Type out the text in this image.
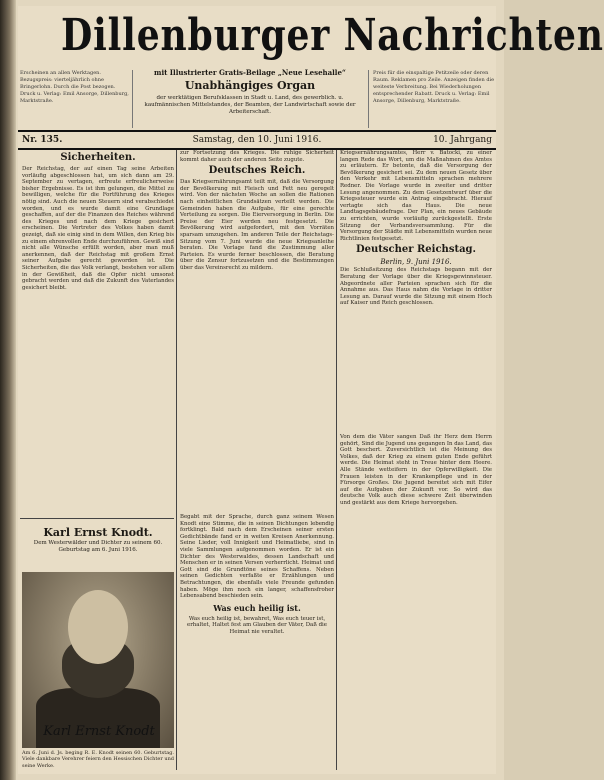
Dillenburger Nachrichten
Erscheinen an allen Werktagen. Bezugspreis: vierteljährlich ohne Bringerlohn. Durch die Post bezogen. Druck u. Verlag: Emil Ansorge, Dillenburg, Marktstraße.
mit Illustrierter Gratis-Beilage „Neue Lesehalle“
Unabhängiges Organ
der werktätigen Berufsklassen in Stadt u. Land, des gewerblich. u. kaufmännischen Mittelstandes, der Beamten, der Landwirtschaft sowie der Arbeiterschaft.
Preis für die einspaltige Petitzeile oder deren Raum. Reklamen pro Zeile. Anzeigen finden die weiteste Verbreitung. Bei Wiederholungen entsprechender Rabatt. Druck u. Verlag: Emil Ansorge, Dillenburg, Marktstraße.
Nr. 135.	Samstag, den 10. Juni 1916.	10. Jahrgang
Sicherheiten.
Der Reichstag, der auf einen Tag seine Arbeiten vorläufig abgeschlossen hat, um sich dann am 29. September zu vertagen, erfreute erfreulicherweise bisher Ergebnisse. Es ist ihm gelungen, die Mittel zu bewilligen, welche für die Fortführung des Krieges nötig sind. Auch die neuen Steuern sind verabschiedet worden, und es wurde damit eine Grundlage geschaffen, auf der die Finanzen des Reiches während des Krieges und nach dem Kriege gesichert erscheinen. Die Vertreter des Volkes haben damit gezeigt, daß sie einig sind in dem Willen, den Krieg bis zu einem ehrenvollen Ende durchzuführen. Gewiß sind nicht alle Wünsche erfüllt worden, aber man muß anerkennen, daß der Reichstag mit großem Ernst seiner Aufgabe gerecht geworden ist. Die Sicherheiten, die das Volk verlangt, bestehen vor allem in der Gewißheit, daß die Opfer nicht umsonst gebracht werden und daß die Zukunft des Vaterlandes gesichert bleibt.
zur Fortsetzung des Krieges. Die ruhige Sicherheit kommt daher auch der anderen Seite zugute.
Deutsches Reich.
Das Kriegsernährungsamt teilt mit, daß die Versorgung der Bevölkerung mit Fleisch und Fett neu geregelt wird. Von der nächsten Woche an sollen die Rationen nach einheitlichen Grundsätzen verteilt werden. Die Gemeinden haben die Aufgabe, für eine gerechte Verteilung zu sorgen. Die Eierversorgung in Berlin. Die Preise der Eier werden neu festgesetzt. Die Bevölkerung wird aufgefordert, mit den Vorräten sparsam umzugehen. Im anderen Teile der Reichstags-Sitzung vom 7. Juni wurde die neue Kriegsanleihe beraten. Die Vorlage fand die Zustimmung aller Parteien. Es wurde ferner beschlossen, die Beratung über die Zensur fortzusetzen und die Bestimmungen über das Vereinsrecht zu mildern.
Kriegsernährungsamtes, Herr v. Batocki, zu einer langen Rede das Wort, um die Maßnahmen des Amtes zu erläutern. Er betonte, daß die Versorgung der Bevölkerung gesichert sei. Zu dem neuen Gesetz über den Verkehr mit Lebensmitteln sprachen mehrere Redner. Die Vorlage wurde in zweiter und dritter Lesung angenommen. Zu dem Gesetzentwurf über die Kriegssteuer wurde ein Antrag eingebracht. Hierauf vertagte sich das Haus. Die neue Landtagsgebäudefrage. Der Plan, ein neues Gebäude zu errichten, wurde vorläufig zurückgestellt. Erste Sitzung der Verbandsversammlung. Für die Versorgung der Städte mit Lebensmitteln wurden neue Richtlinien festgesetzt.
Deutscher Reichstag.
Berlin, 9. Juni 1916.
Die Schlußsitzung des Reichstags begann mit der Beratung der Vorlage über die Kriegsgewinnsteuer. Abgeordnete aller Parteien sprachen sich für die Annahme aus. Das Haus nahm die Vorlage in dritter Lesung an. Darauf wurde die Sitzung mit einem Hoch auf Kaiser und Reich geschlossen.
Karl Ernst Knodt.
Dem Westerwälder und Dichter zu seinem 60. Geburtstag am 6. Juni 1916.
Karl Ernst Knodt
Am 6. Juni d. Js. beging R. E. Knodt seinen 60. Geburtstag. Viele dankbare Verehrer feiern den Hessischen Dichter und seine Werke.
Begabt mit der Sprache, durch ganz seinem Wesen Knodt eine Stimme, die in seinen Dichtungen lebendig fortklingt. Bald nach dem Erscheinen seiner ersten Gedichtbände fand er in weiten Kreisen Anerkennung. Seine Lieder, voll Innigkeit und Heimatliebe, sind in viele Sammlungen aufgenommen worden. Er ist ein Dichter des Westerwaldes, dessen Landschaft und Menschen er in seinen Versen verherrlicht. Heimat und Gott sind die Grundtöne seines Schaffens. Neben seinen Gedichten verfaßte er Erzählungen und Betrachtungen, die ebenfalls viele Freunde gefunden haben. Möge ihm noch ein langer, schaffensfroher Lebensabend beschieden sein.
Was euch heilig ist.
Was euch heilig ist, bewahret, Was euch teuer ist, erhaltet, Haltet fest am Glauben der Väter, Daß die Heimat nie veraltet.
Von dem die Väter sangen Daß ihr Herz dem Herrn gehört, Sind die Jugend uns gegangen In das Land, das Gott beschert. Zuversichtlich ist die Meinung des Volkes, daß der Krieg zu einem guten Ende geführt werde. Die Heimat steht in Treue hinter dem Heere. Alle Stände wetteifern in der Opferwilligkeit. Die Frauen leisten in der Krankenpflege und in der Fürsorge Großes. Die Jugend bereitet sich mit Eifer auf die Aufgaben der Zukunft vor. So wird das deutsche Volk auch diese schwere Zeit überwinden und gestärkt aus dem Kriege hervorgehen.
